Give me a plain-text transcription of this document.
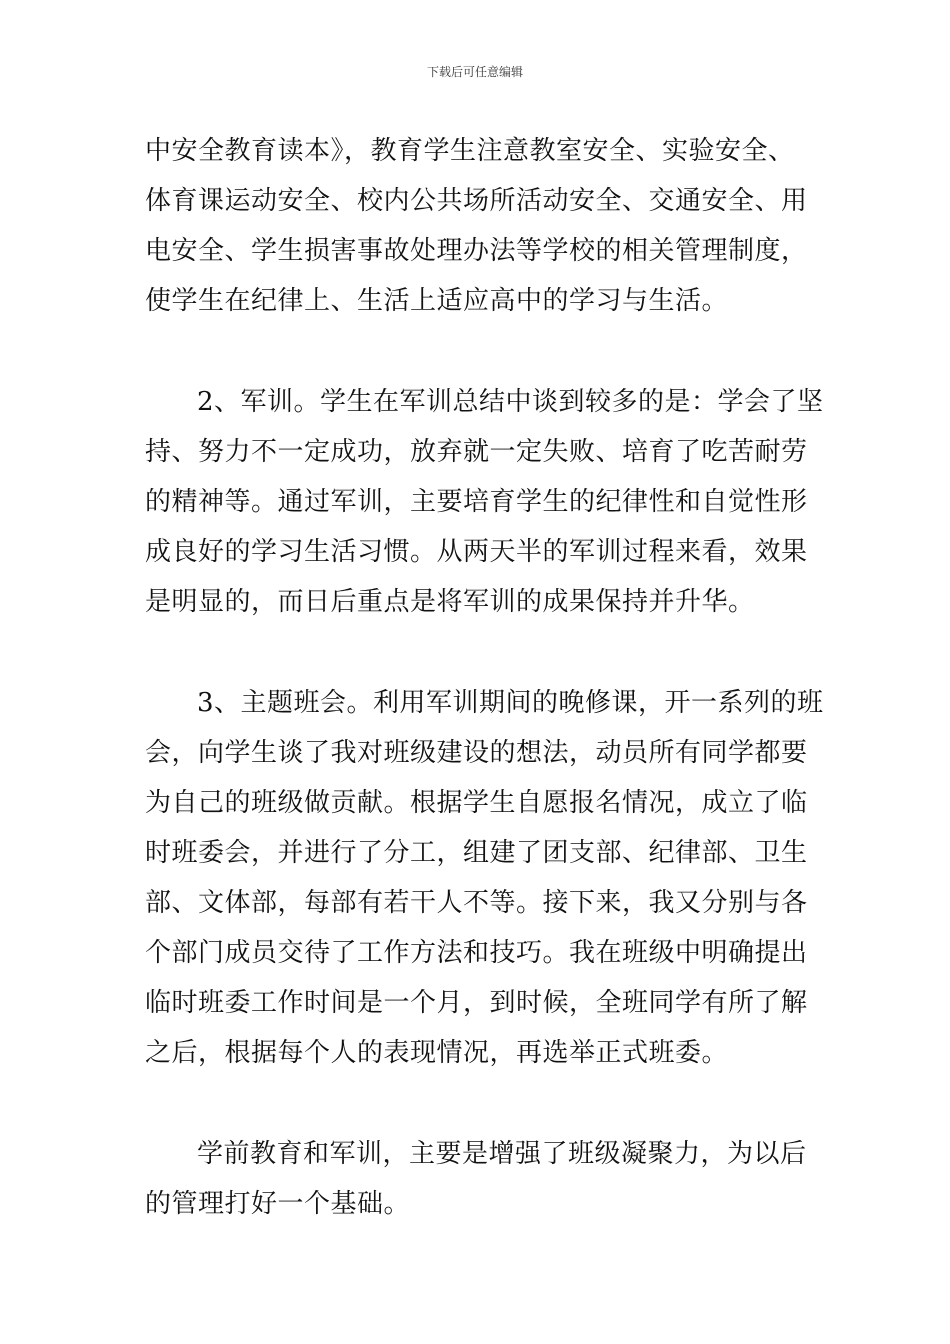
下载后可任意编辑
中安全教育读本》，教育学生注意教室安全、实验安全、
体育课运动安全、校内公共场所活动安全、交通安全、用
电安全、学生损害事故处理办法等学校的相关管理制度，
使学生在纪律上、生活上适应高中的学习与生活。
2、军训。学生在军训总结中谈到较多的是：学会了坚
持、努力不一定成功，放弃就一定失败、培育了吃苦耐劳
的精神等。通过军训，主要培育学生的纪律性和自觉性形
成良好的学习生活习惯。从两天半的军训过程来看，效果
是明显的，而日后重点是将军训的成果保持并升华。
3、主题班会。利用军训期间的晚修课，开一系列的班
会，向学生谈了我对班级建设的想法，动员所有同学都要
为自己的班级做贡献。根据学生自愿报名情况，成立了临
时班委会，并进行了分工，组建了团支部、纪律部、卫生
部、文体部，每部有若干人不等。接下来，我又分别与各
个部门成员交待了工作方法和技巧。我在班级中明确提出
临时班委工作时间是一个月，到时候，全班同学有所了解
之后，根据每个人的表现情况，再选举正式班委。
学前教育和军训，主要是增强了班级凝聚力，为以后
的管理打好一个基础。
